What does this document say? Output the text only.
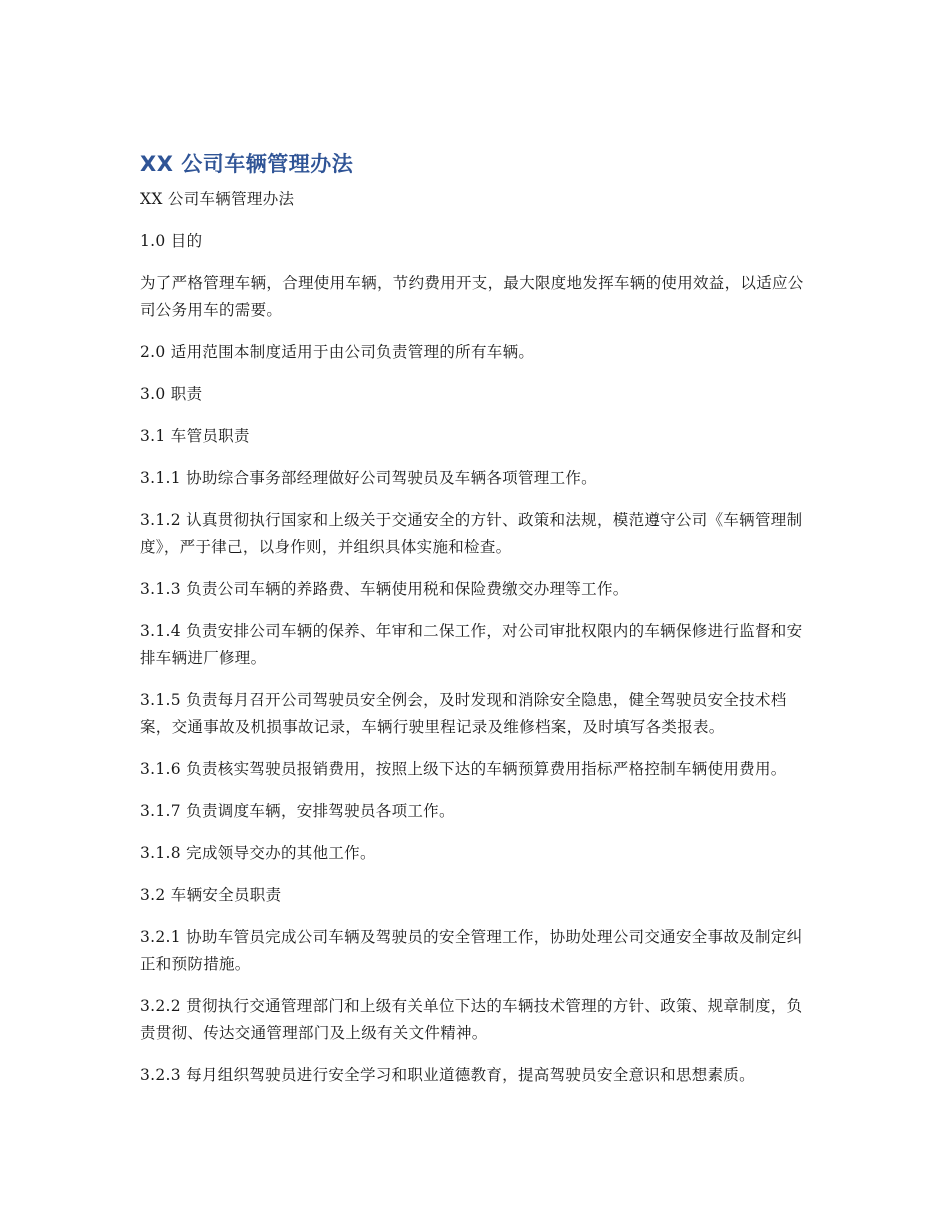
XX 公司车辆管理办法

XX 公司车辆管理办法

1.0 目的

为了严格管理车辆，合理使用车辆，节约费用开支，最大限度地发挥车辆的使用效益，以适应公司公务用车的需要。

2.0 适用范围本制度适用于由公司负责管理的所有车辆。

3.0 职责

3.1 车管员职责

3.1.1 协助综合事务部经理做好公司驾驶员及车辆各项管理工作。

3.1.2 认真贯彻执行国家和上级关于交通安全的方针、政策和法规，模范遵守公司《车辆管理制度》，严于律己，以身作则，并组织具体实施和检查。

3.1.3 负责公司车辆的养路费、车辆使用税和保险费缴交办理等工作。

3.1.4 负责安排公司车辆的保养、年审和二保工作，对公司审批权限内的车辆保修进行监督和安排车辆进厂修理。

3.1.5 负责每月召开公司驾驶员安全例会，及时发现和消除安全隐患，健全驾驶员安全技术档案，交通事故及机损事故记录，车辆行驶里程记录及维修档案，及时填写各类报表。

3.1.6 负责核实驾驶员报销费用，按照上级下达的车辆预算费用指标严格控制车辆使用费用。

3.1.7 负责调度车辆，安排驾驶员各项工作。

3.1.8 完成领导交办的其他工作。

3.2 车辆安全员职责

3.2.1 协助车管员完成公司车辆及驾驶员的安全管理工作，协助处理公司交通安全事故及制定纠正和预防措施。

3.2.2 贯彻执行交通管理部门和上级有关单位下达的车辆技术管理的方针、政策、规章制度，负责贯彻、传达交通管理部门及上级有关文件精神。

3.2.3 每月组织驾驶员进行安全学习和职业道德教育，提高驾驶员安全意识和思想素质。
